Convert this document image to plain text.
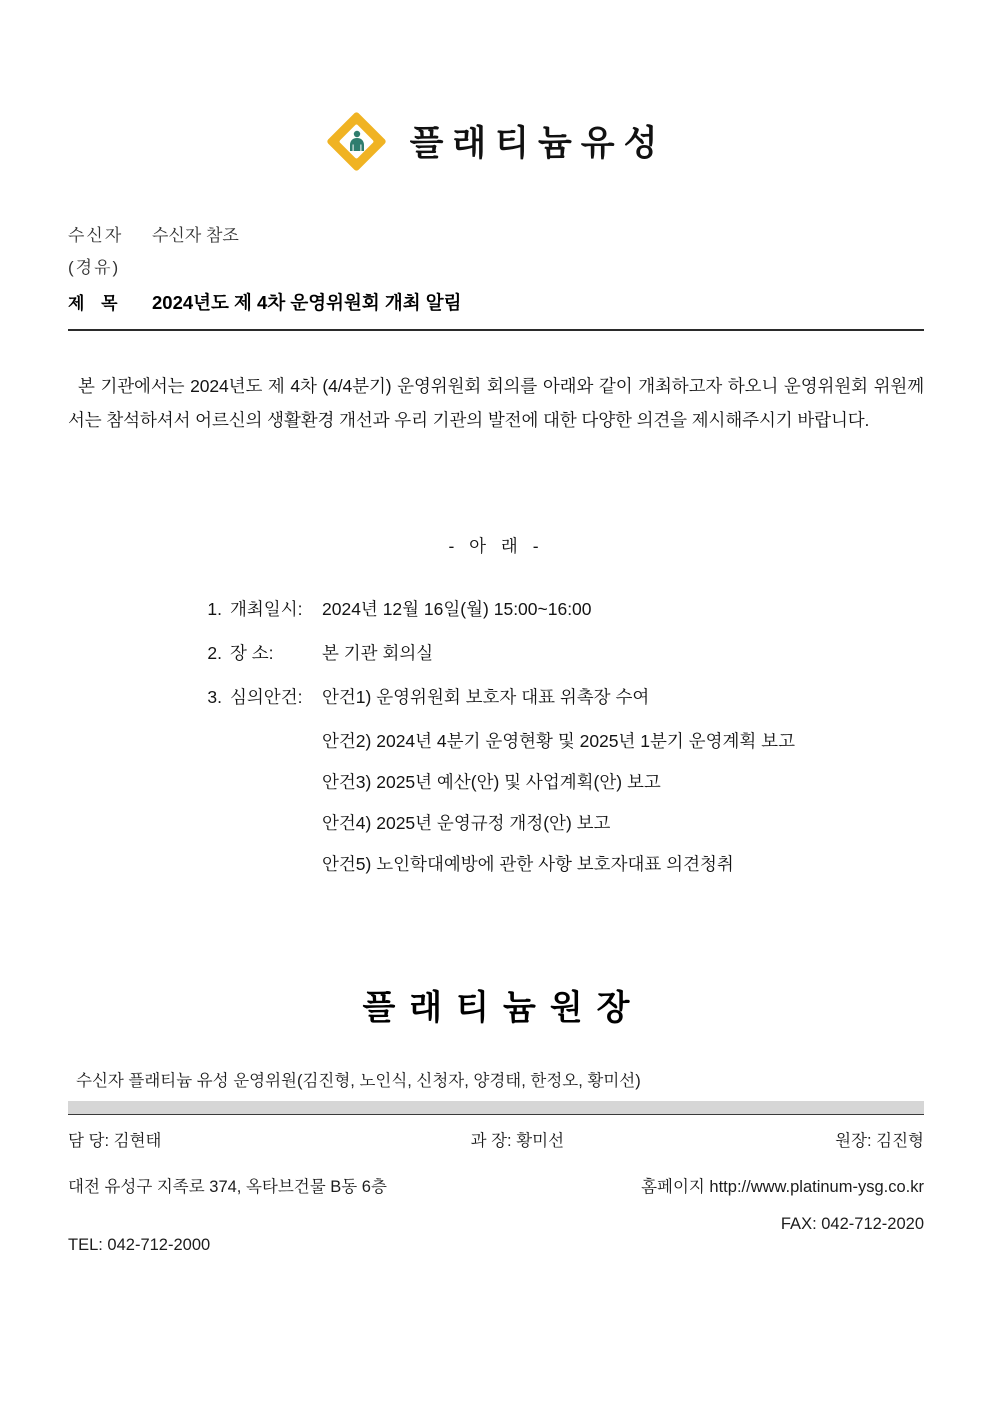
플래티늄유성
수신자	수신자 참조
(경유)
제 목	2024년도 제 4차 운영위원회 개최 알림

본 기관에서는 2024년도 제 4차 (4/4분기) 운영위원회 회의를 아래와 같이 개최하고자 하오니 운영위원회 위원께서는 참석하셔서 어르신의 생활환경 개선과 우리 기관의 발전에 대한 다양한 의견을 제시해주시기 바랍니다.

- 아 래 -
1. 개최일시:	2024년 12월 16일(월) 15:00~16:00
2. 장 소:	본 기관 회의실
3. 심의안건:	안건1) 운영위원회 보호자 대표 위촉장 수여
안건2) 2024년 4분기 운영현황 및 2025년 1분기 운영계획 보고
안건3) 2025년 예산(안) 및 사업계획(안) 보고
안건4) 2025년 운영규정 개정(안) 보고
안건5) 노인학대예방에 관한 사항 보호자대표 의견청취
플래티늄원장
수신자 플래티늄 유성 운영위원(김진형, 노인식, 신청자, 양경태, 한정오, 황미선)
담 당: 김현태	과 장: 황미선	원장: 김진형
대전 유성구 지족로 374, 옥타브건물 B동 6층	홈페이지 http://www.platinum-ysg.co.kr
FAX: 042-712-2020
TEL: 042-712-2000
